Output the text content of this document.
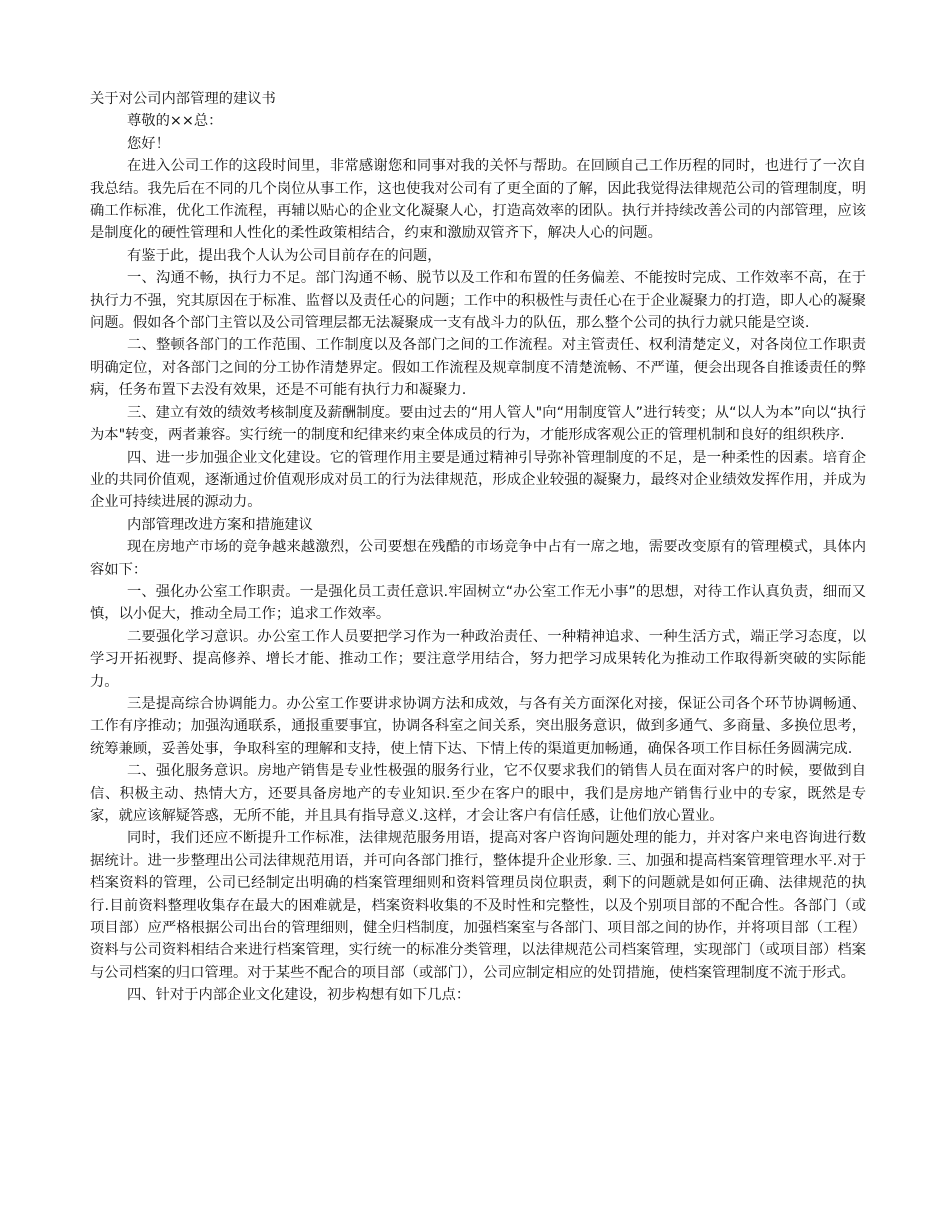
关于对公司内部管理的建议书

尊敬的××总：

您好！

在进入公司工作的这段时间里，非常感谢您和同事对我的关怀与帮助。在回顾自己工作历程的同时，也进行了一次自我总结。我先后在不同的几个岗位从事工作，这也使我对公司有了更全面的了解，因此我觉得法律规范公司的管理制度，明确工作标准，优化工作流程，再辅以贴心的企业文化凝聚人心，打造高效率的团队。执行并持续改善公司的内部管理，应该是制度化的硬性管理和人性化的柔性政策相结合，约束和激励双管齐下，解决人心的问题。

有鉴于此，提出我个人认为公司目前存在的问题，

一、沟通不畅，执行力不足。部门沟通不畅、脱节以及工作和布置的任务偏差、不能按时完成、工作效率不高，在于执行力不强，究其原因在于标准、监督以及责任心的问题；工作中的积极性与责任心在于企业凝聚力的打造，即人心的凝聚问题。假如各个部门主管以及公司管理层都无法凝聚成一支有战斗力的队伍，那么整个公司的执行力就只能是空谈.

二、整顿各部门的工作范围、工作制度以及各部门之间的工作流程。对主管责任、权利清楚定义，对各岗位工作职责明确定位，对各部门之间的分工协作清楚界定。假如工作流程及规章制度不清楚流畅、不严谨，便会出现各自推诿责任的弊病，任务布置下去没有效果，还是不可能有执行力和凝聚力.

三、建立有效的绩效考核制度及薪酬制度。要由过去的“用人管人"向“用制度管人”进行转变；从“以人为本”向以“执行为本"转变，两者兼容。实行统一的制度和纪律来约束全体成员的行为，才能形成客观公正的管理机制和良好的组织秩序.

四、进一步加强企业文化建设。它的管理作用主要是通过精神引导弥补管理制度的不足，是一种柔性的因素。培育企业的共同价值观，逐渐通过价值观形成对员工的行为法律规范，形成企业较强的凝聚力，最终对企业绩效发挥作用，并成为企业可持续进展的源动力。

内部管理改进方案和措施建议

现在房地产市场的竞争越来越激烈，公司要想在残酷的市场竞争中占有一席之地，需要改变原有的管理模式，具体内容如下：

一、强化办公室工作职责。一是强化员工责任意识.牢固树立“办公室工作无小事”的思想，对待工作认真负责，细而又慎，以小促大，推动全局工作；追求工作效率。

二要强化学习意识。办公室工作人员要把学习作为一种政治责任、一种精神追求、一种生活方式，端正学习态度，以学习开拓视野、提高修养、增长才能、推动工作；要注意学用结合，努力把学习成果转化为推动工作取得新突破的实际能力。

三是提高综合协调能力。办公室工作要讲求协调方法和成效，与各有关方面深化对接，保证公司各个环节协调畅通、工作有序推动；加强沟通联系，通报重要事宜，协调各科室之间关系，突出服务意识，做到多通气、多商量、多换位思考，统筹兼顾，妥善处事，争取科室的理解和支持，使上情下达、下情上传的渠道更加畅通，确保各项工作目标任务圆满完成.

二、强化服务意识。房地产销售是专业性极强的服务行业，它不仅要求我们的销售人员在面对客户的时候，要做到自信、积极主动、热情大方，还要具备房地产的专业知识.至少在客户的眼中，我们是房地产销售行业中的专家，既然是专家，就应该解疑答惑，无所不能，并且具有指导意义.这样，才会让客户有信任感，让他们放心置业。

同时，我们还应不断提升工作标准，法律规范服务用语，提高对客户咨询问题处理的能力，并对客户来电咨询进行数据统计。进一步整理出公司法律规范用语，并可向各部门推行，整体提升企业形象. 三、加强和提高档案管理管理水平.对于档案资料的管理，公司已经制定出明确的档案管理细则和资料管理员岗位职责，剩下的问题就是如何正确、法律规范的执行.目前资料整理收集存在最大的困难就是，档案资料收集的不及时性和完整性，以及个别项目部的不配合性。各部门（或项目部）应严格根据公司出台的管理细则，健全归档制度，加强档案室与各部门、项目部之间的协作，并将项目部（工程）资料与公司资料相结合来进行档案管理，实行统一的标准分类管理，以法律规范公司档案管理，实现部门（或项目部）档案与公司档案的归口管理。对于某些不配合的项目部（或部门），公司应制定相应的处罚措施，使档案管理制度不流于形式。

四、针对于内部企业文化建设，初步构想有如下几点：
